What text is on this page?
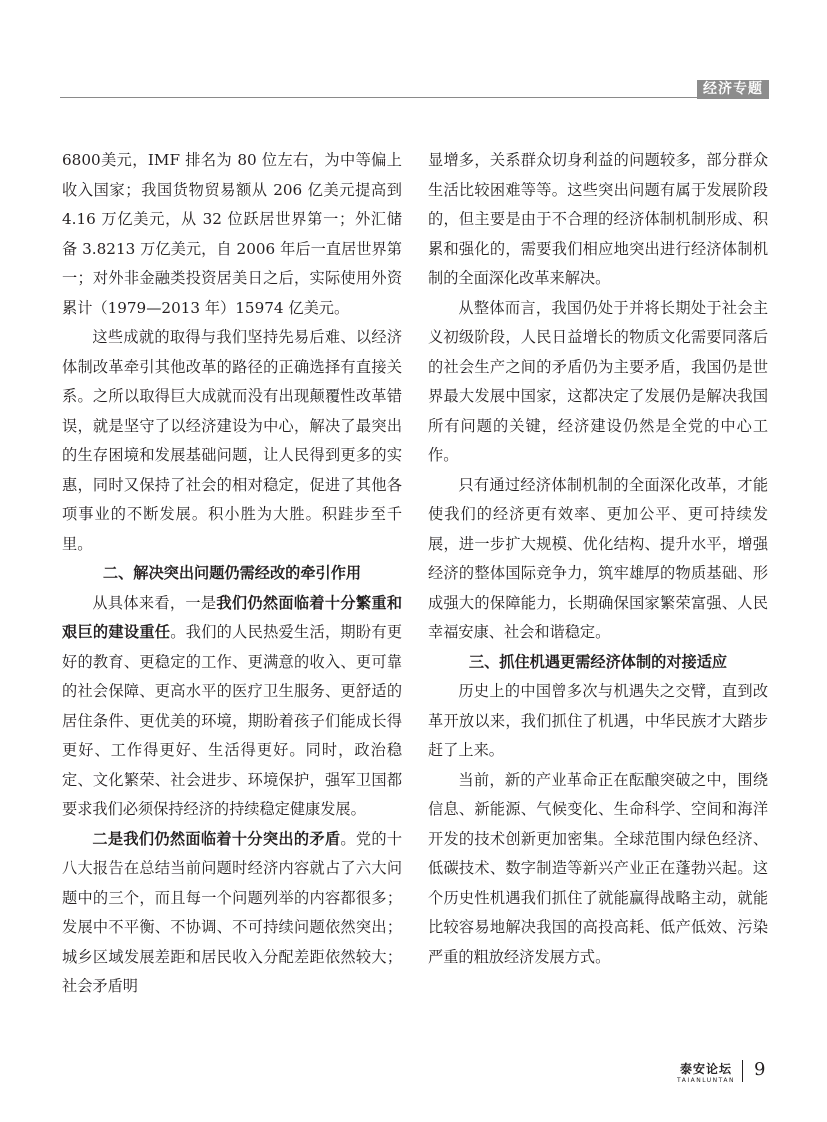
经济专题

6800美元，IMF 排名为 80 位左右，为中等偏上收入国家；我国货物贸易额从 206 亿美元提高到 4.16 万亿美元，从 32 位跃居世界第一；外汇储备 3.8213 万亿美元，自 2006 年后一直居世界第一；对外非金融类投资居美日之后，实际使用外资累计（1979—2013 年）15974 亿美元。

这些成就的取得与我们坚持先易后难、以经济体制改革牵引其他改革的路径的正确选择有直接关系。之所以取得巨大成就而没有出现颠覆性改革错误，就是坚守了以经济建设为中心，解决了最突出的生存困境和发展基础问题，让人民得到更多的实惠，同时又保持了社会的相对稳定，促进了其他各项事业的不断发展。积小胜为大胜。积跬步至千里。

二、解决突出问题仍需经改的牵引作用

从具体来看，一是我们仍然面临着十分繁重和艰巨的建设重任。我们的人民热爱生活，期盼有更好的教育、更稳定的工作、更满意的收入、更可靠的社会保障、更高水平的医疗卫生服务、更舒适的居住条件、更优美的环境，期盼着孩子们能成长得更好、工作得更好、生活得更好。同时，政治稳定、文化繁荣、社会进步、环境保护，强军卫国都要求我们必须保持经济的持续稳定健康发展。

二是我们仍然面临着十分突出的矛盾。党的十八大报告在总结当前问题时经济内容就占了六大问题中的三个，而且每一个问题列举的内容都很多；发展中不平衡、不协调、不可持续问题依然突出；城乡区域发展差距和居民收入分配差距依然较大；社会矛盾明

显增多，关系群众切身利益的问题较多，部分群众生活比较困难等等。这些突出问题有属于发展阶段的，但主要是由于不合理的经济体制机制形成、积累和强化的，需要我们相应地突出进行经济体制机制的全面深化改革来解决。

从整体而言，我国仍处于并将长期处于社会主义初级阶段，人民日益增长的物质文化需要同落后的社会生产之间的矛盾仍为主要矛盾，我国仍是世界最大发展中国家，这都决定了发展仍是解决我国所有问题的关键，经济建设仍然是全党的中心工作。

只有通过经济体制机制的全面深化改革，才能使我们的经济更有效率、更加公平、更可持续发展，进一步扩大规模、优化结构、提升水平，增强经济的整体国际竞争力，筑牢雄厚的物质基础、形成强大的保障能力，长期确保国家繁荣富强、人民幸福安康、社会和谐稳定。

三、抓住机遇更需经济体制的对接适应

历史上的中国曾多次与机遇失之交臂，直到改革开放以来，我们抓住了机遇，中华民族才大踏步赶了上来。

当前，新的产业革命正在酝酿突破之中，围绕信息、新能源、气候变化、生命科学、空间和海洋开发的技术创新更加密集。全球范围内绿色经济、低碳技术、数字制造等新兴产业正在蓬勃兴起。这个历史性机遇我们抓住了就能赢得战略主动，就能比较容易地解决我国的高投高耗、低产低效、污染严重的粗放经济发展方式。

泰安论坛
TAIANLUNTAN
9
